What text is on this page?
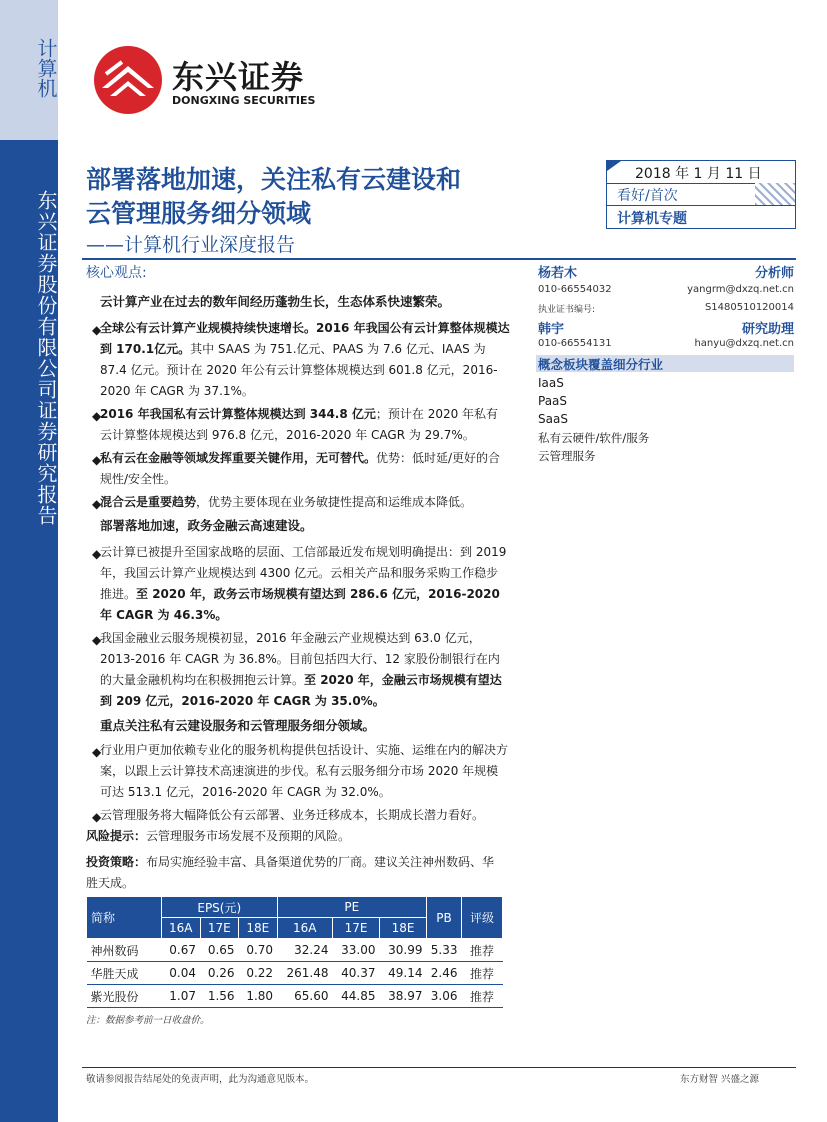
计算机
东兴证券股份有限公司证券研究报告
东兴证券
DONGXING SECURITIES
部署落地加速，关注私有云建设和
云管理服务细分领域
——计算机行业深度报告
2018 年 1 月 11 日
看好/首次
计算机专题
核心观点:	杨若木	分析师
010-66554032	yangrm@dxzq.net.cn
执业证书编号:	S1480510120014
韩宇	研究助理
010-66554131	hanyu@dxzq.net.cn
概念板块覆盖细分行业
IaaS
PaaS
SaaS
私有云硬件/软件/服务
云管理服务
云计算产业在过去的数年间经历蓬勃生长，生态体系快速繁荣。
◆
全球公有云计算产业规模持续快速增长。2016 年我国公有云计算整体规模达到 170.1亿元。其中 SAAS 为 751.亿元、PAAS 为 7.6 亿元、IAAS 为 87.4 亿元。预计在 2020 年公有云计算整体规模达到 601.8 亿元，2016-2020 年 CAGR 为 37.1%。
◆
2016 年我国私有云计算整体规模达到 344.8 亿元；预计在 2020 年私有云计算整体规模达到 976.8 亿元，2016-2020 年 CAGR 为 29.7%。
◆
私有云在金融等领域发挥重要关键作用，无可替代。优势：低时延/更好的合规性/安全性。
◆
混合云是重要趋势，优势主要体现在业务敏捷性提高和运维成本降低。
部署落地加速，政务金融云高速建设。
◆
云计算已被提升至国家战略的层面、工信部最近发布规划明确提出：到 2019 年，我国云计算产业规模达到 4300 亿元。云相关产品和服务采购工作稳步推进。至 2020 年，政务云市场规模有望达到 286.6 亿元，2016-2020 年 CAGR 为 46.3%。
◆
我国金融业云服务规模初显，2016 年金融云产业规模达到 63.0 亿元，2013-2016 年 CAGR 为 36.8%。目前包括四大行、12 家股份制银行在内的大量金融机构均在积极拥抱云计算。至 2020 年，金融云市场规模有望达到 209 亿元，2016-2020 年 CAGR 为 35.0%。
重点关注私有云建设服务和云管理服务细分领域。
◆
行业用户更加依赖专业化的服务机构提供包括设计、实施、运维在内的解决方案，以跟上云计算技术高速演进的步伐。私有云服务细分市场 2020 年规模可达 513.1 亿元，2016-2020 年 CAGR 为 32.0%。
◆
云管理服务将大幅降低公有云部署、业务迁移成本，长期成长潜力看好。
风险提示：云管理服务市场发展不及预期的风险。
投资策略：布局实施经验丰富、具备渠道优势的厂商。建议关注神州数码、华胜天成。
简称	EPS(元)			PE			PB	评级
	16A	17E	18E	16A	17E	18E		
神州数码	0.67	0.65	0.70	32.24	33.00	30.99	5.33	推荐
华胜天成	0.04	0.26	0.22	261.48	40.37	49.14	2.46	推荐
紫光股份	1.07	1.56	1.80	65.60	44.85	38.97	3.06	推荐
注：数据参考前一日收盘价。
敬请参阅报告结尾处的免责声明，此为沟通意见版本。	东方财智 兴盛之源
